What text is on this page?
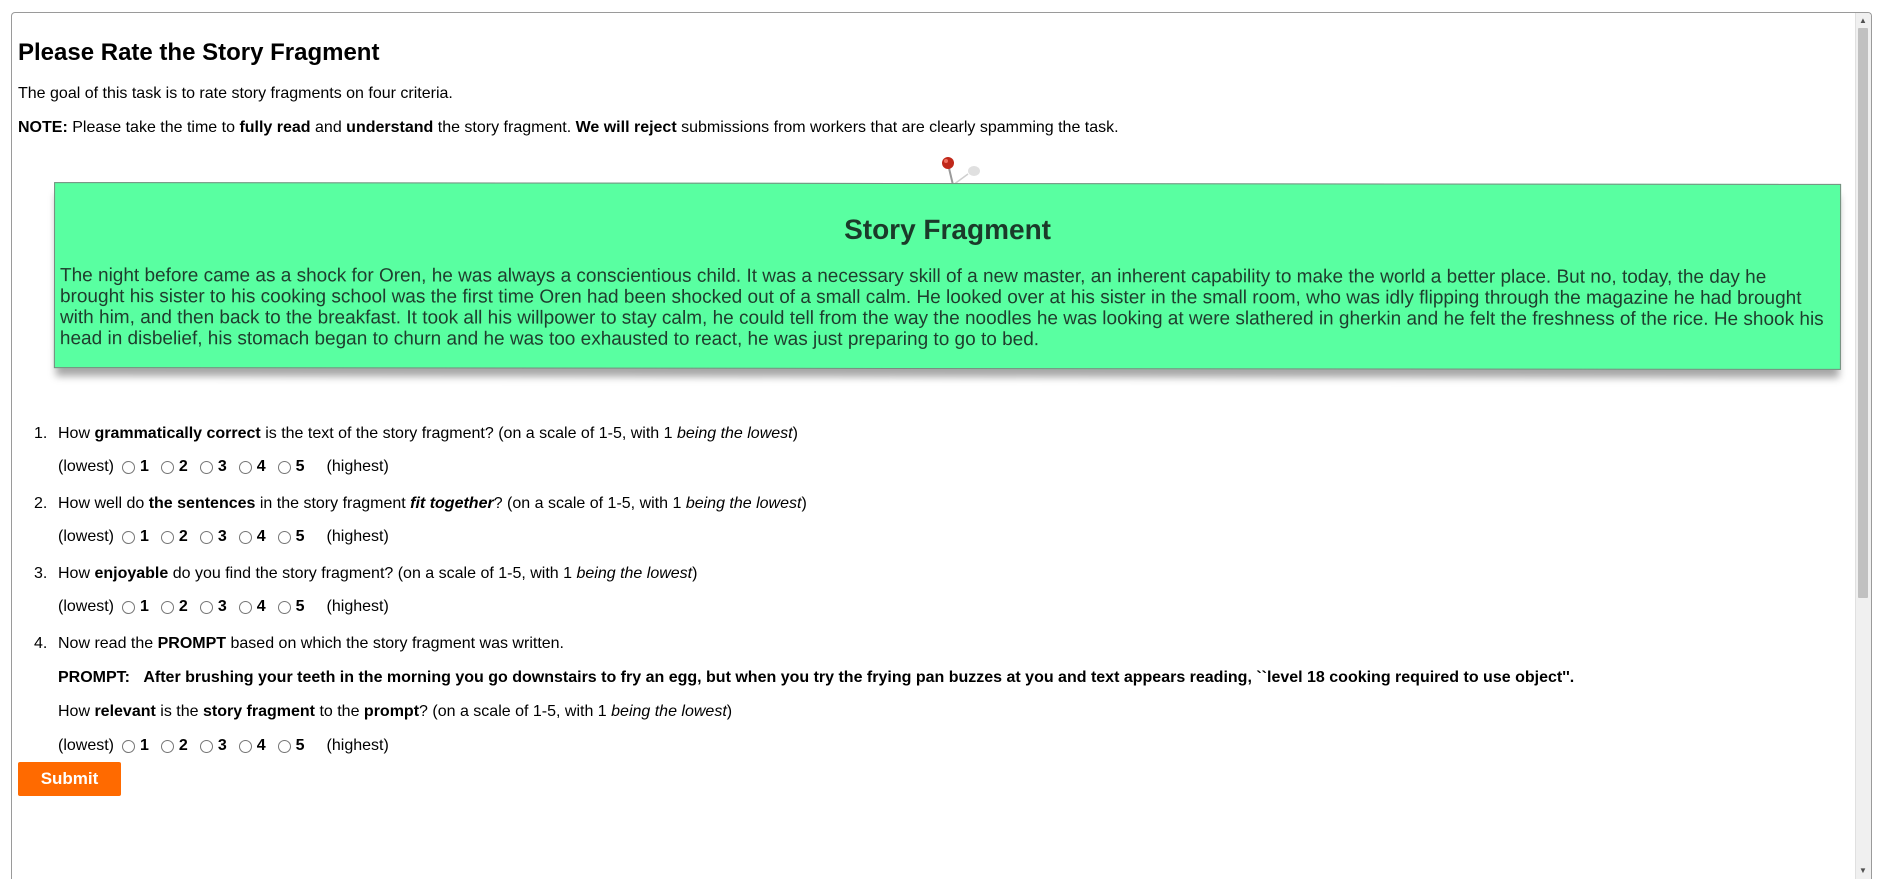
Please Rate the Story Fragment
The goal of this task is to rate story fragments on four criteria.
NOTE: Please take the time to fully read and understand the story fragment. We will reject submissions from workers that are clearly spamming the task.
Story Fragment

The night before came as a shock for Oren, he was always a conscientious child. It was a necessary skill of a new master, an inherent capability to make the world a better place. But no, today, the day he brought his sister to his cooking school was the first time Oren had been shocked out of a small calm. He looked over at his sister in the small room, who was idly flipping through the magazine he had brought with him, and then back to the breakfast. It took all his willpower to stay calm, he could tell from the way the noodles he was looking at were slathered in gherkin and he felt the freshness of the rice. He shook his head in disbelief, his stomach began to churn and he was too exhausted to react, he was just preparing to go to bed.

1. How grammatically correct is the text of the story fragment? (on a scale of 1-5, with 1 being the lowest)
(lowest) 1 2 3 4 5 (highest)
2. How well do the sentences in the story fragment fit together? (on a scale of 1-5, with 1 being the lowest)
(lowest) 1 2 3 4 5 (highest)
3. How enjoyable do you find the story fragment? (on a scale of 1-5, with 1 being the lowest)
(lowest) 1 2 3 4 5 (highest)
4. Now read the PROMPT based on which the story fragment was written.
PROMPT: After brushing your teeth in the morning you go downstairs to fry an egg, but when you try the frying pan buzzes at you and text appears reading, ``level 18 cooking required to use object''.
How relevant is the story fragment to the prompt? (on a scale of 1-5, with 1 being the lowest)
(lowest) 1 2 3 4 5 (highest)
Submit
▲
▼
